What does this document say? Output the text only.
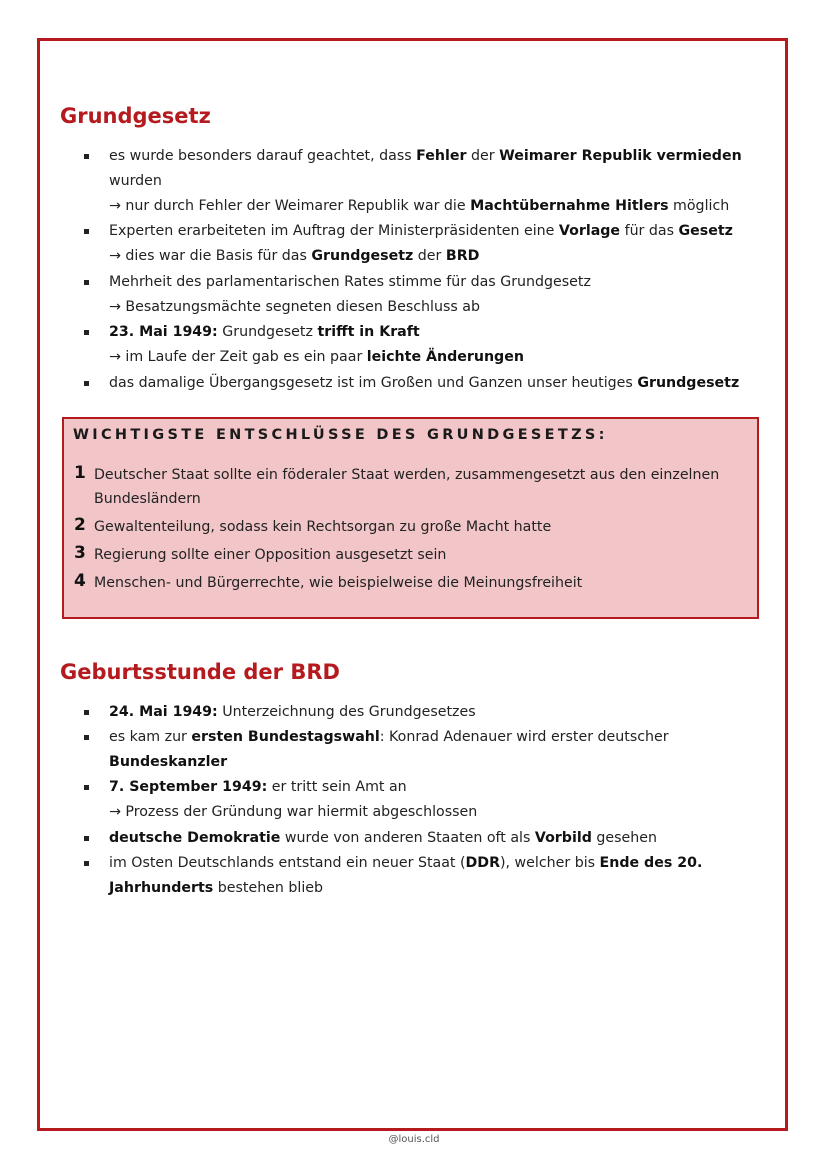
Grundgesetz
es wurde besonders darauf geachtet, dass Fehler der Weimarer Republik vermieden
wurden
→ nur durch Fehler der Weimarer Republik war die Machtübernahme Hitlers möglich
Experten erarbeiteten im Auftrag der Ministerpräsidenten eine Vorlage für das Gesetz
→ dies war die Basis für das Grundgesetz der BRD
Mehrheit des parlamentarischen Rates stimme für das Grundgesetz
→ Besatzungsmächte segneten diesen Beschluss ab
23. Mai 1949: Grundgesetz trifft in Kraft
→ im Laufe der Zeit gab es ein paar leichte Änderungen
das damalige Übergangsgesetz ist im Großen und Ganzen unser heutiges Grundgesetz
WICHTIGSTE ENTSCHLÜSSE DES GRUNDGESETZS:
1 Deutscher Staat sollte ein föderaler Staat werden, zusammengesetzt aus den einzelnen
Bundesländern
2 Gewaltenteilung, sodass kein Rechtsorgan zu große Macht hatte
3 Regierung sollte einer Opposition ausgesetzt sein
4 Menschen- und Bürgerrechte, wie beispielweise die Meinungsfreiheit
Geburtsstunde der BRD
24. Mai 1949: Unterzeichnung des Grundgesetzes
es kam zur ersten Bundestagswahl: Konrad Adenauer wird erster deutscher
Bundeskanzler
7. September 1949: er tritt sein Amt an
→ Prozess der Gründung war hiermit abgeschlossen
deutsche Demokratie wurde von anderen Staaten oft als Vorbild gesehen
im Osten Deutschlands entstand ein neuer Staat (DDR), welcher bis Ende des 20.
Jahrhunderts bestehen blieb
@louis.cld
